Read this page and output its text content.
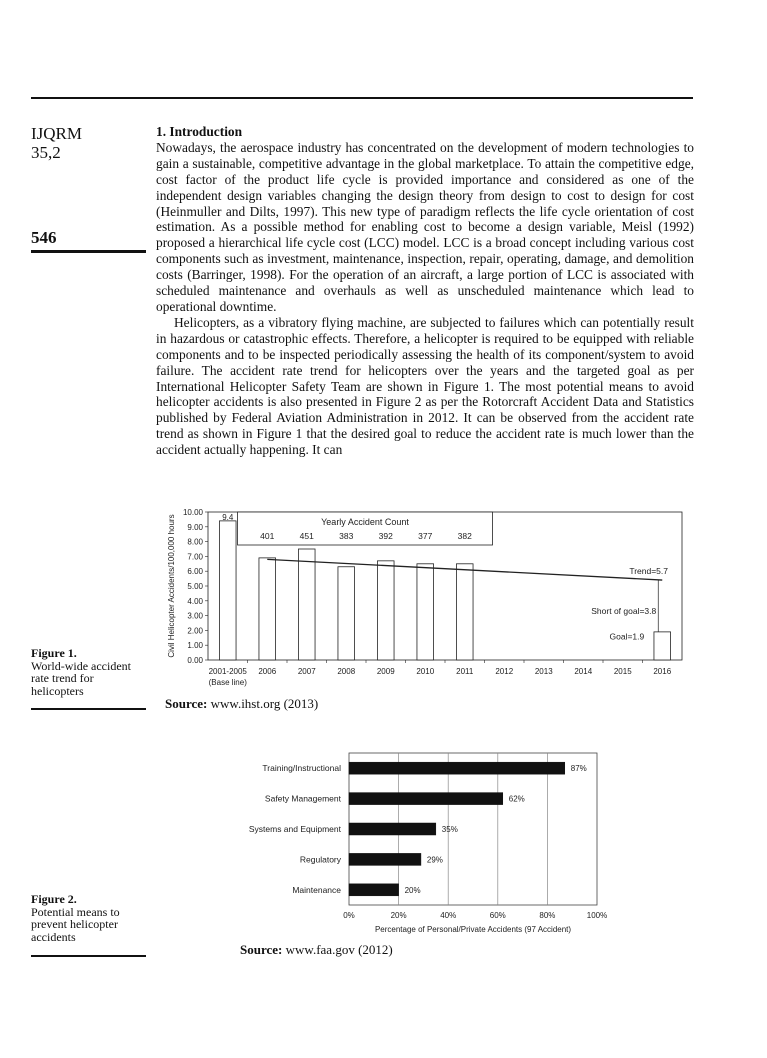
IJQRM
35,2
546
1. Introduction

Nowadays, the aerospace industry has concentrated on the development of modern technologies to gain a sustainable, competitive advantage in the global marketplace. To attain the competitive edge, cost factor of the product life cycle is provided importance and considered as one of the independent design variables changing the design theory from design to cost to design for cost (Heinmuller and Dilts, 1997). This new type of paradigm reflects the life cycle orientation of cost estimation. As a possible method for enabling cost to become a design variable, Meisl (1992) proposed a hierarchical life cycle cost (LCC) model. LCC is a broad concept including various cost components such as investment, maintenance, inspection, repair, operating, damage, and demolition costs (Barringer, 1998). For the operation of an aircraft, a large portion of LCC is associated with scheduled maintenance and overhauls as well as unscheduled maintenance which lead to operational downtime.

Helicopters, as a vibratory flying machine, are subjected to failures which can potentially result in hazardous or catastrophic effects. Therefore, a helicopter is required to be equipped with reliable components and to be inspected periodically assessing the health of its component/system to avoid failure. The accident rate trend for helicopters over the years and the targeted goal as per International Helicopter Safety Team are shown in Figure 1. The most potential means to avoid helicopter accidents is also presented in Figure 2 as per the Rotorcraft Accident Data and Statistics published by Federal Aviation Administration in 2012. It can be observed from the accident rate trend as shown in Figure 1 that the desired goal to reduce the accident rate is much lower than the accident actually happening. It can

0.00
1.00
2.00
3.00
4.00
5.00
6.00
7.00
8.00
9.00
10.00
Civil Helicopter Accidents/100,000 hours
2001-2005 2006	2007	2008	2009	2010	2011	2012	2013	2014	2015	2016
(Base line)
9.4	Yearly Accident Count
401	451	383	392	377	382
Trend=5.7
Short of goal=3.8
Goal=1.9
Figure 1.
World-wide accident rate trend for helicopters
Source: www.ihst.org (2013)
0%	20%	40%	60%	80%	100%
Percentage of Personal/Private Accidents (97 Accident)
Training/Instructional	87%
Safety Management	62%
Systems and Equipment	35%
Regulatory	29%
Maintenance	20%
Figure 2.
Potential means to prevent helicopter accidents
Source: www.faa.gov (2012)
